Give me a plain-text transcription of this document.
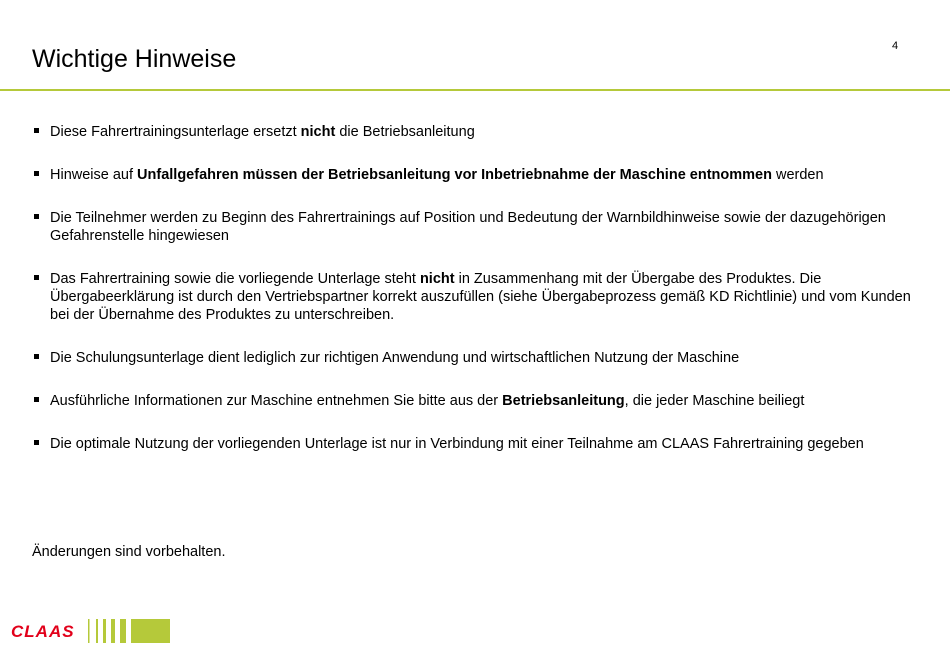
Wichtige Hinweise	4
Diese Fahrertrainingsunterlage ersetzt nicht die Betriebsanleitung
Hinweise auf Unfallgefahren müssen der Betriebsanleitung vor Inbetriebnahme der Maschine entnommen werden
Die Teilnehmer werden zu Beginn des Fahrertrainings auf Position und Bedeutung der Warnbildhinweise sowie der dazugehörigen Gefahrenstelle hingewiesen
Das Fahrertraining sowie die vorliegende Unterlage steht nicht in Zusammenhang mit der Übergabe des Produktes. Die Übergabeerklärung ist durch den Vertriebspartner korrekt auszufüllen (siehe Übergabeprozess gemäß KD Richtlinie) und vom Kunden bei der Übernahme des Produktes zu unterschreiben.
Die Schulungsunterlage dient lediglich zur richtigen Anwendung und wirtschaftlichen Nutzung der Maschine
Ausführliche Informationen zur Maschine entnehmen Sie bitte aus der Betriebsanleitung, die jeder Maschine beiliegt
Die optimale Nutzung der vorliegenden Unterlage ist nur in Verbindung mit einer Teilnahme am CLAAS Fahrertraining gegeben
Änderungen sind vorbehalten.
CLAAS
